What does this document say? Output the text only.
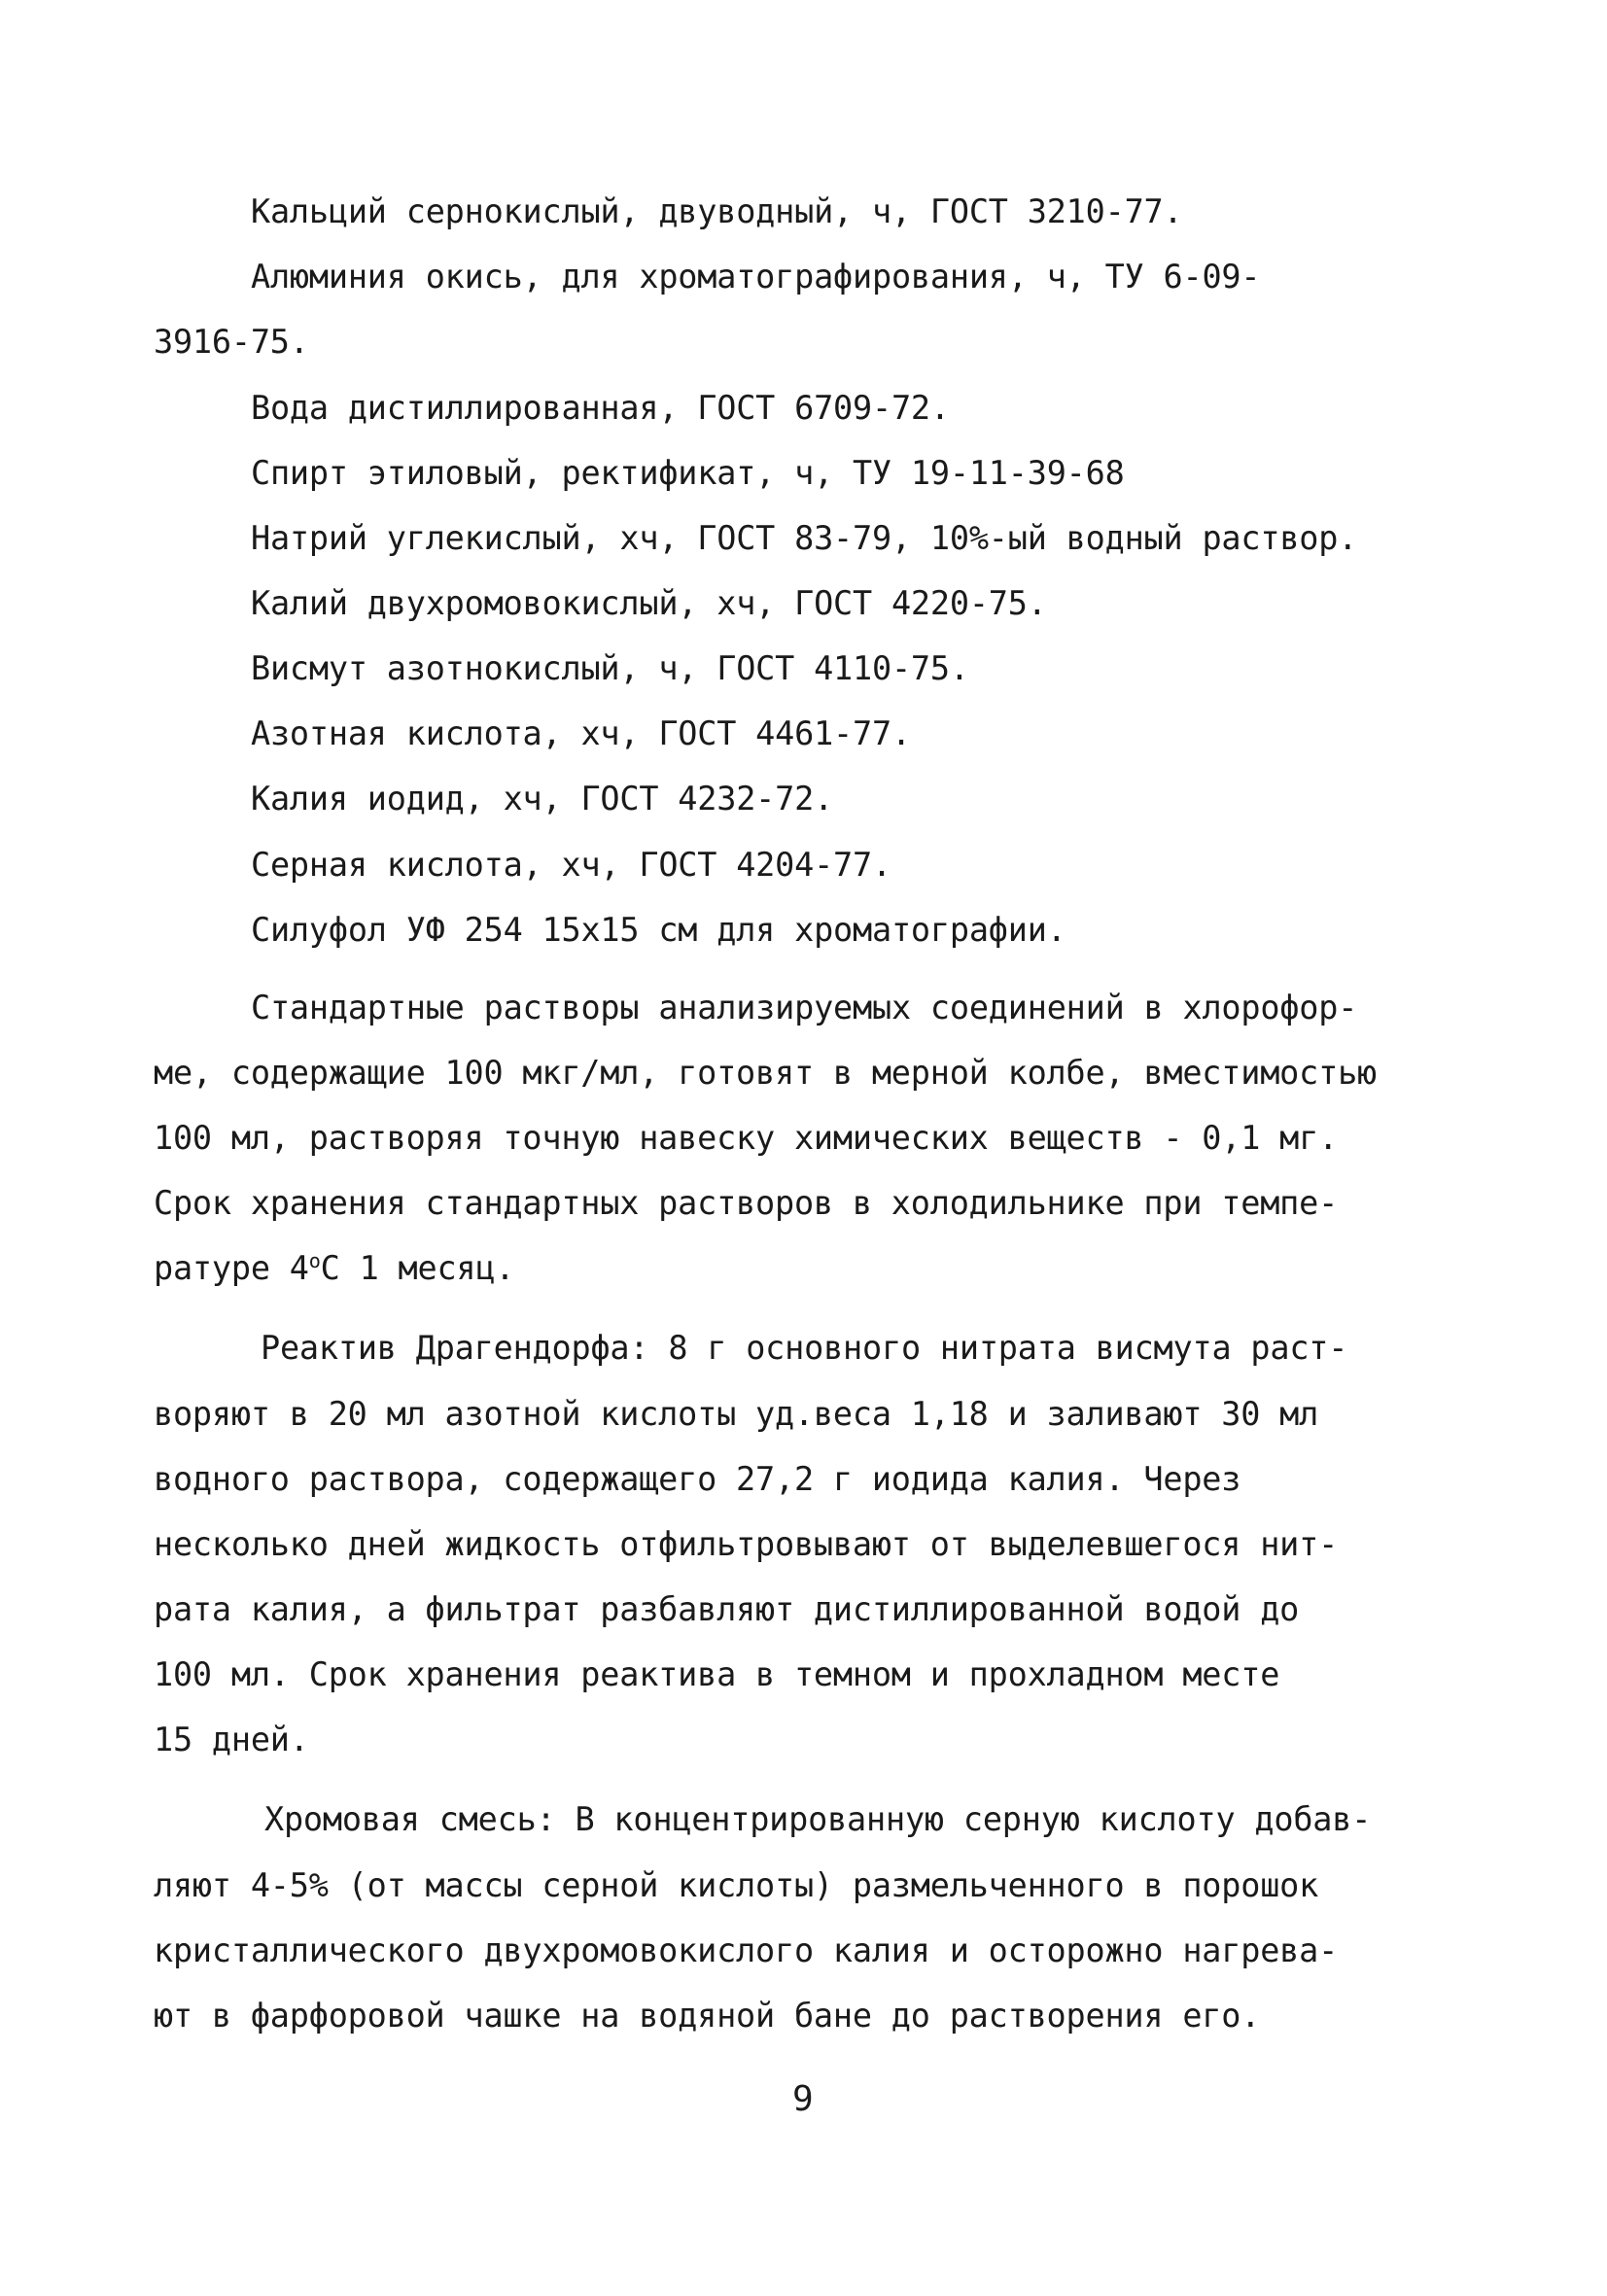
Кальций сернокислый, двуводный, ч, ГОСТ 3210-77.
Алюминия окись, для хроматографирования, ч, ТУ 6-09-
3916-75.
Вода дистиллированная, ГОСТ 6709-72.
Спирт этиловый, ректификат, ч, ТУ 19-11-39-68
Натрий углекислый, хч, ГОСТ 83-79, 10%-ый водный раствор.
Калий двухромовокислый, хч, ГОСТ 4220-75.
Висмут азотнокислый, ч, ГОСТ 4110-75.
Азотная кислота, хч, ГОСТ 4461-77.
Калия иодид, хч, ГОСТ 4232-72.
Серная кислота, хч, ГОСТ 4204-77.
Силуфол УФ 254 15х15 см для хроматографии.
Стандартные растворы анализируемых соединений в хлорофор-
ме, содержащие 100 мкг/мл, готовят в мерной колбе, вместимостью
100 мл, растворяя точную навеску химических веществ - 0,1 мг.
Срок хранения стандартных растворов в холодильнике при темпе-
ратуре $4^оС$ 1 месяц.
Реактив Драгендорфа: 8 г основного нитрата висмута раст-
воряют в 20 мл азотной кислоты уд.веса 1,18 и заливают 30 мл
водного раствора, содержащего 27,2 г иодида калия. Через
несколько дней жидкость отфильтровывают от выделевшегося нит-
рата калия, а фильтрат разбавляют дистиллированной водой до
100 мл. Срок хранения реактива в темном и прохладном месте
15 дней.
Хромовая смесь: В концентрированную серную кислоту добав-
ляют 4-5% (от массы серной кислоты) размельченного в порошок
кристаллического двухромовокислого калия и осторожно нагрева-
ют в фарфоровой чашке на водяной бане до растворения его.
9
